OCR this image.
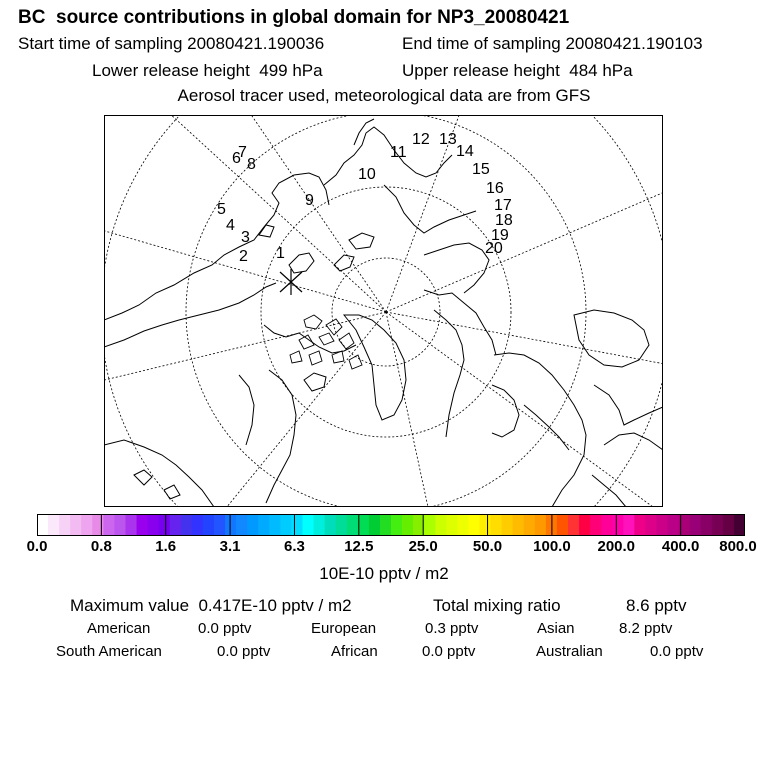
BC  source contributions in global domain for NP3_20080421
Start time of sampling 20080421.190036	End time of sampling 20080421.190103
Lower release height  499 hPa	Upper release height  484 hPa
Aerosol tracer used, meteorological data are from GFS
1
2
3
4
5
6
7
8
9
10
11
12 13
14
15
16
17
18
19
20
0.0	0.8	1.6	3.1	6.3	12.5 25.0 50.0 100.0 200.0 400.0 800.0
10E-10 pptv / m2
Maximum value  0.417E-10 pptv / m2	Total mixing ratio	8.6 pptv
American	0.0 pptv	European	0.3 pptv	Asian	8.2 pptv
South American	0.0 pptv	African	0.0 pptv	Australian	0.0 pptv
